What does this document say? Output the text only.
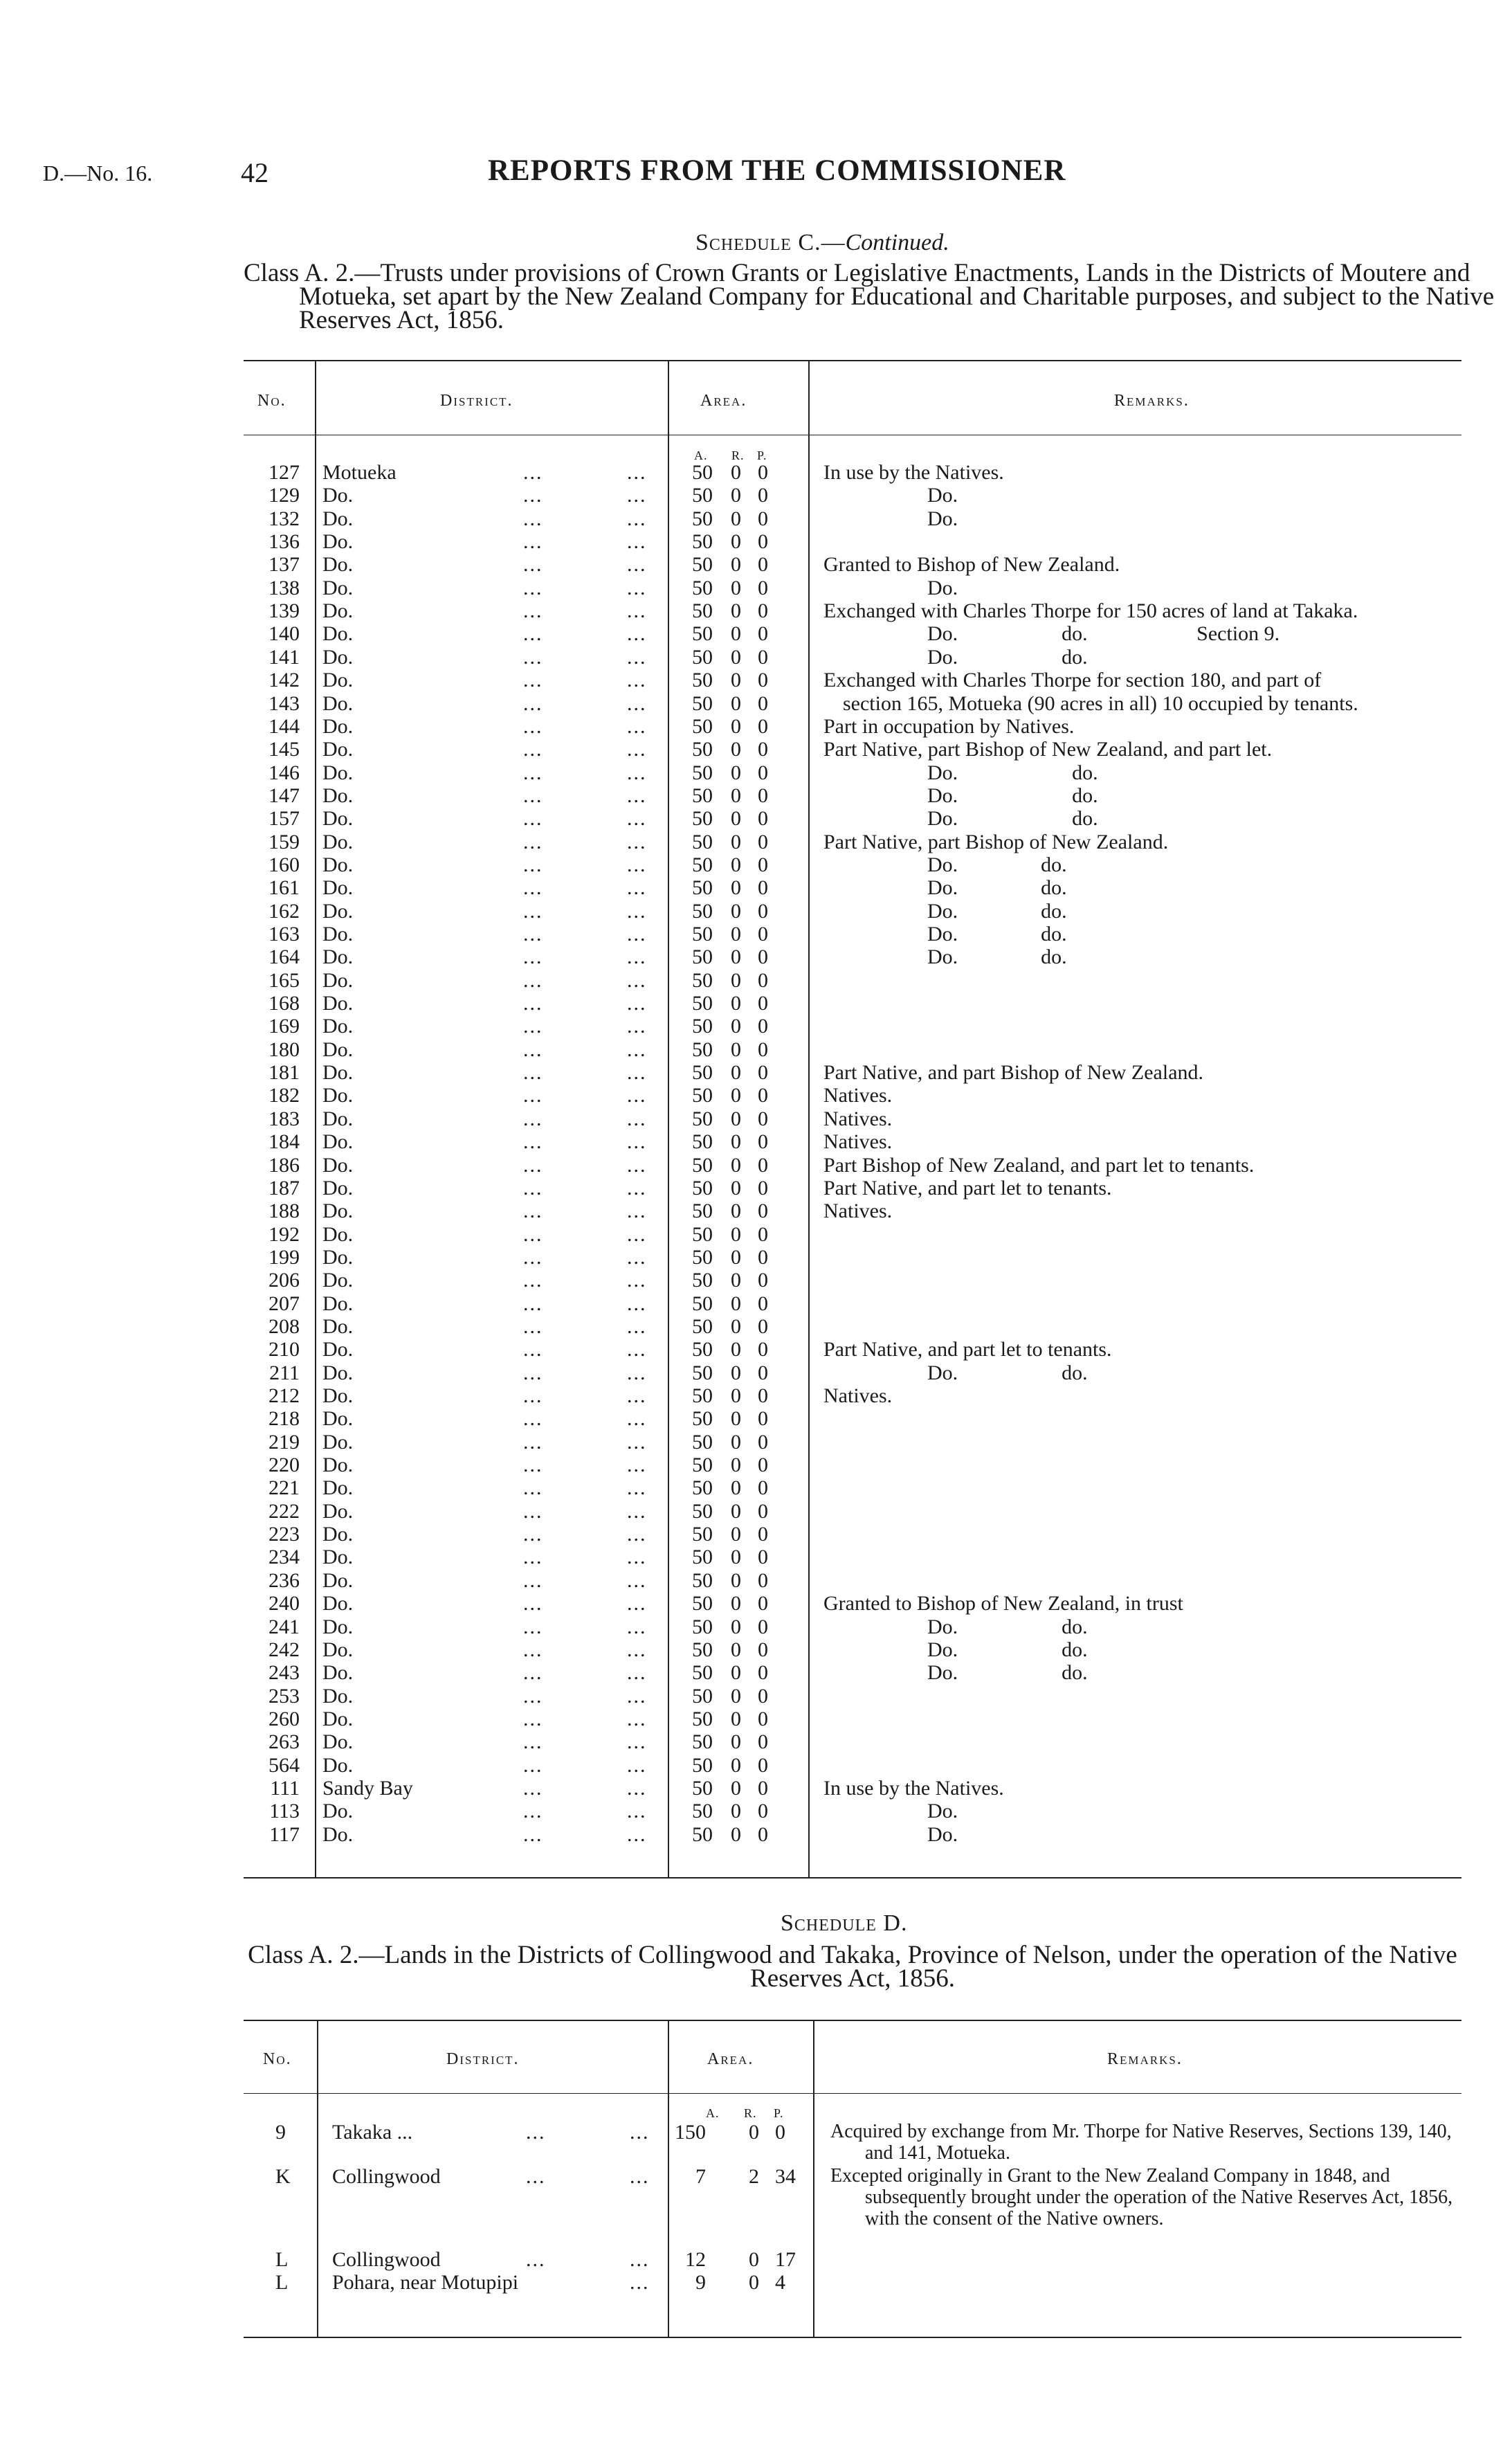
D.—No. 16.	42	REPORTS FROM THE COMMISSIONER
Schedule C.—Continued.
Class A. 2.—Trusts under provisions of Crown Grants or Legislative Enactments, Lands in the Districts of Moutere and Motueka, set apart by the New Zealand Company for Educational and Charitable purposes, and subject to the Native Reserves Act, 1856.
No.	District.	Area.	Remarks.
A. R. P.
127 Motueka	...	... 50 0 0	In use by the Natives.
129 Do.	...	... 50 0 0	Do.
132 Do.	...	... 50 0 0	Do.
136 Do.	...	... 50 0 0
137 Do.	...	... 50 0 0	Granted to Bishop of New Zealand.
138 Do.	...	... 50 0 0	Do.
139 Do.	...	... 50 0 0	Exchanged with Charles Thorpe for 150 acres of land at Takaka.
140 Do.	...	... 50 0 0	Do.                    do.                     Section 9.
141 Do.	...	... 50 0 0	Do.                    do.
142 Do.	...	... 50 0 0	Exchanged with Charles Thorpe for section 180, and part of
143 Do.	...	... 50 0 0	section 165, Motueka (90 acres in all) 10 occupied by tenants.
144 Do.	...	... 50 0 0	Part in occupation by Natives.
145 Do.	...	... 50 0 0	Part Native, part Bishop of New Zealand, and part let.
146 Do.	...	... 50 0 0	Do.                      do.
147 Do.	...	... 50 0 0	Do.                      do.
157 Do.	...	... 50 0 0	Do.                      do.
159 Do.	...	... 50 0 0	Part Native, part Bishop of New Zealand.
160 Do.	...	... 50 0 0	Do.                do.
161 Do.	...	... 50 0 0	Do.                do.
162 Do.	...	... 50 0 0	Do.                do.
163 Do.	...	... 50 0 0	Do.                do.
164 Do.	...	... 50 0 0	Do.                do.
165 Do.	...	... 50 0 0
168 Do.	...	... 50 0 0
169 Do.	...	... 50 0 0
180 Do.	...	... 50 0 0
181 Do.	...	... 50 0 0	Part Native, and part Bishop of New Zealand.
182 Do.	...	... 50 0 0	Natives.
183 Do.	...	... 50 0 0	Natives.
184 Do.	...	... 50 0 0	Natives.
186 Do.	...	... 50 0 0	Part Bishop of New Zealand, and part let to tenants.
187 Do.	...	... 50 0 0	Part Native, and part let to tenants.
188 Do.	...	... 50 0 0	Natives.
192 Do.	...	... 50 0 0
199 Do.	...	... 50 0 0
206 Do.	...	... 50 0 0
207 Do.	...	... 50 0 0
208 Do.	...	... 50 0 0
210 Do.	...	... 50 0 0	Part Native, and part let to tenants.
211 Do.	...	... 50 0 0	Do.                    do.
212 Do.	...	... 50 0 0	Natives.
218 Do.	...	... 50 0 0
219 Do.	...	... 50 0 0
220 Do.	...	... 50 0 0
221 Do.	...	... 50 0 0
222 Do.	...	... 50 0 0
223 Do.	...	... 50 0 0
234 Do.	...	... 50 0 0
236 Do.	...	... 50 0 0
240 Do.	...	... 50 0 0	Granted to Bishop of New Zealand, in trust
241 Do.	...	... 50 0 0	Do.                    do.
242 Do.	...	... 50 0 0	Do.                    do.
243 Do.	...	... 50 0 0	Do.                    do.
253 Do.	...	... 50 0 0
260 Do.	...	... 50 0 0
263 Do.	...	... 50 0 0
564 Do.	...	... 50 0 0
111 Sandy Bay	...	... 50 0 0	In use by the Natives.
113 Do.	...	... 50 0 0	Do.
117 Do.	...	... 50 0 0	Do.
Schedule D.
Class A. 2.—Lands in the Districts of Collingwood and Takaka, Province of Nelson, under the operation of the Native Reserves Act, 1856.
No.	District.	Area.	Remarks.
A. R. P.
9 Takaka ...	...	... 150 0 0 Acquired by exchange from Mr. Thorpe for Native Reserves, Sections 139, 140, and 141, Motueka.
K Collingwood	...	... 7 2 34 Excepted originally in Grant to the New Zealand Company in 1848, and subsequently brought under the operation of the Native Reserves Act, 1856, with the consent of the Native owners.
L Collingwood	...	... 12 0 17
L Pohara, near Motupipi	... 9 0 4
